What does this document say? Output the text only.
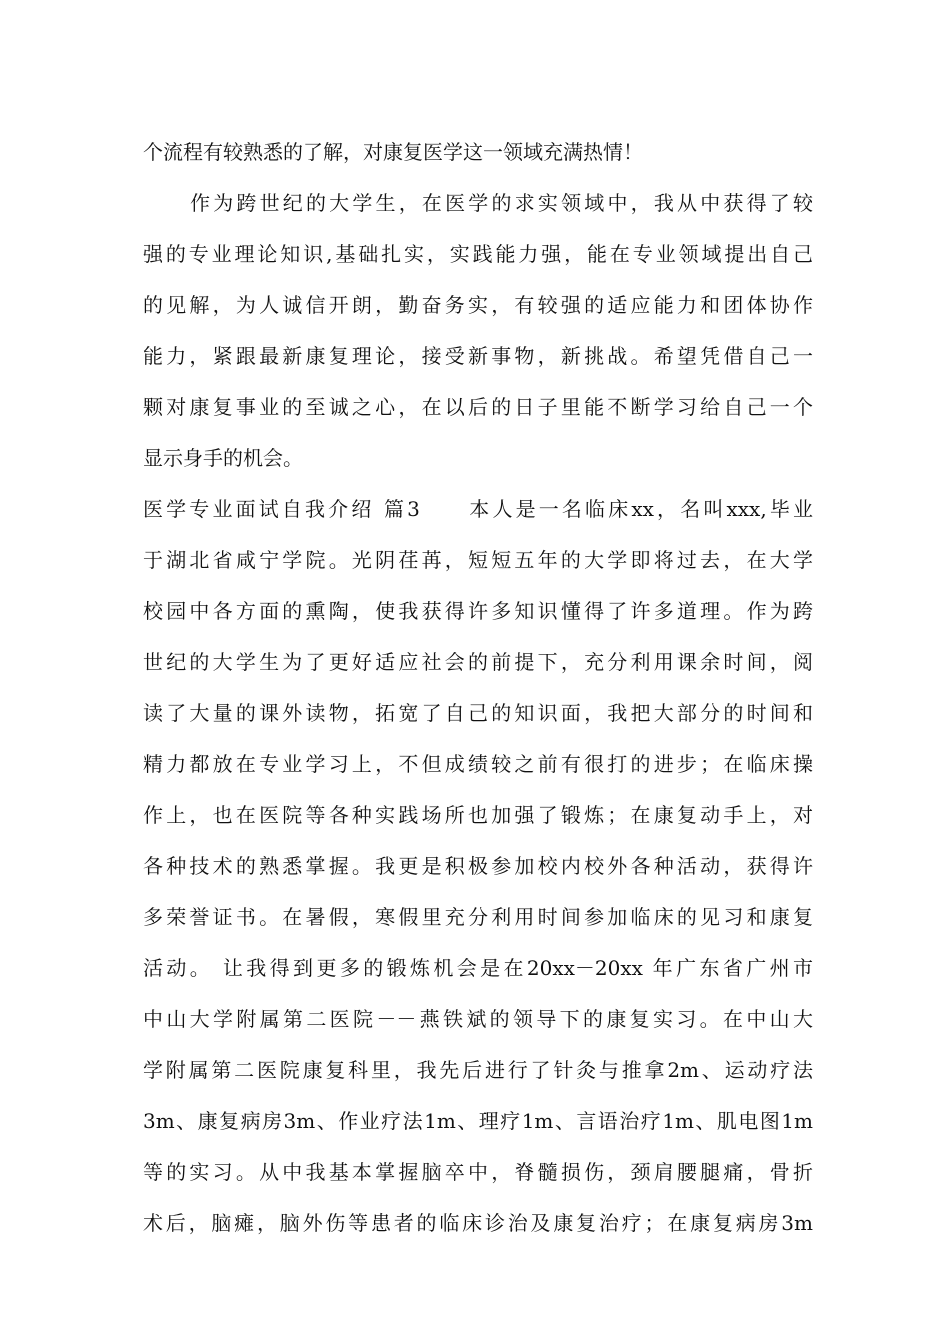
个流程有较熟悉的了解，对康复医学这一领域充满热情！
作为跨世纪的大学生，在医学的求实领域中，我从中获得了较
强的专业理论知识,基础扎实，实践能力强，能在专业领域提出自己
的见解，为人诚信开朗，勤奋务实，有较强的适应能力和团体协作
能力，紧跟最新康复理论，接受新事物，新挑战。希望凭借自己一
颗对康复事业的至诚之心，在以后的日子里能不断学习给自己一个
显示身手的机会。
医学专业面试自我介绍 篇3　　本人是一名临床xx，名叫xxx,毕业
于湖北省咸宁学院。光阴荏苒，短短五年的大学即将过去，在大学
校园中各方面的熏陶，使我获得许多知识懂得了许多道理。作为跨
世纪的大学生为了更好适应社会的前提下，充分利用课余时间，阅
读了大量的课外读物，拓宽了自己的知识面，我把大部分的时间和
精力都放在专业学习上，不但成绩较之前有很打的进步；在临床操
作上，也在医院等各种实践场所也加强了锻炼；在康复动手上，对
各种技术的熟悉掌握。我更是积极参加校内校外各种活动，获得许
多荣誉证书。在暑假，寒假里充分利用时间参加临床的见习和康复
活动。 让我得到更多的锻炼机会是在20xx－20xx 年广东省广州市
中山大学附属第二医院－－燕铁斌的领导下的康复实习。在中山大
学附属第二医院康复科里，我先后进行了针灸与推拿2m、运动疗法
3m、康复病房3m、作业疗法1m、理疗1m、言语治疗1m、肌电图1m
等的实习。从中我基本掌握脑卒中，脊髓损伤，颈肩腰腿痛，骨折
术后，脑瘫，脑外伤等患者的临床诊治及康复治疗；在康复病房3m
